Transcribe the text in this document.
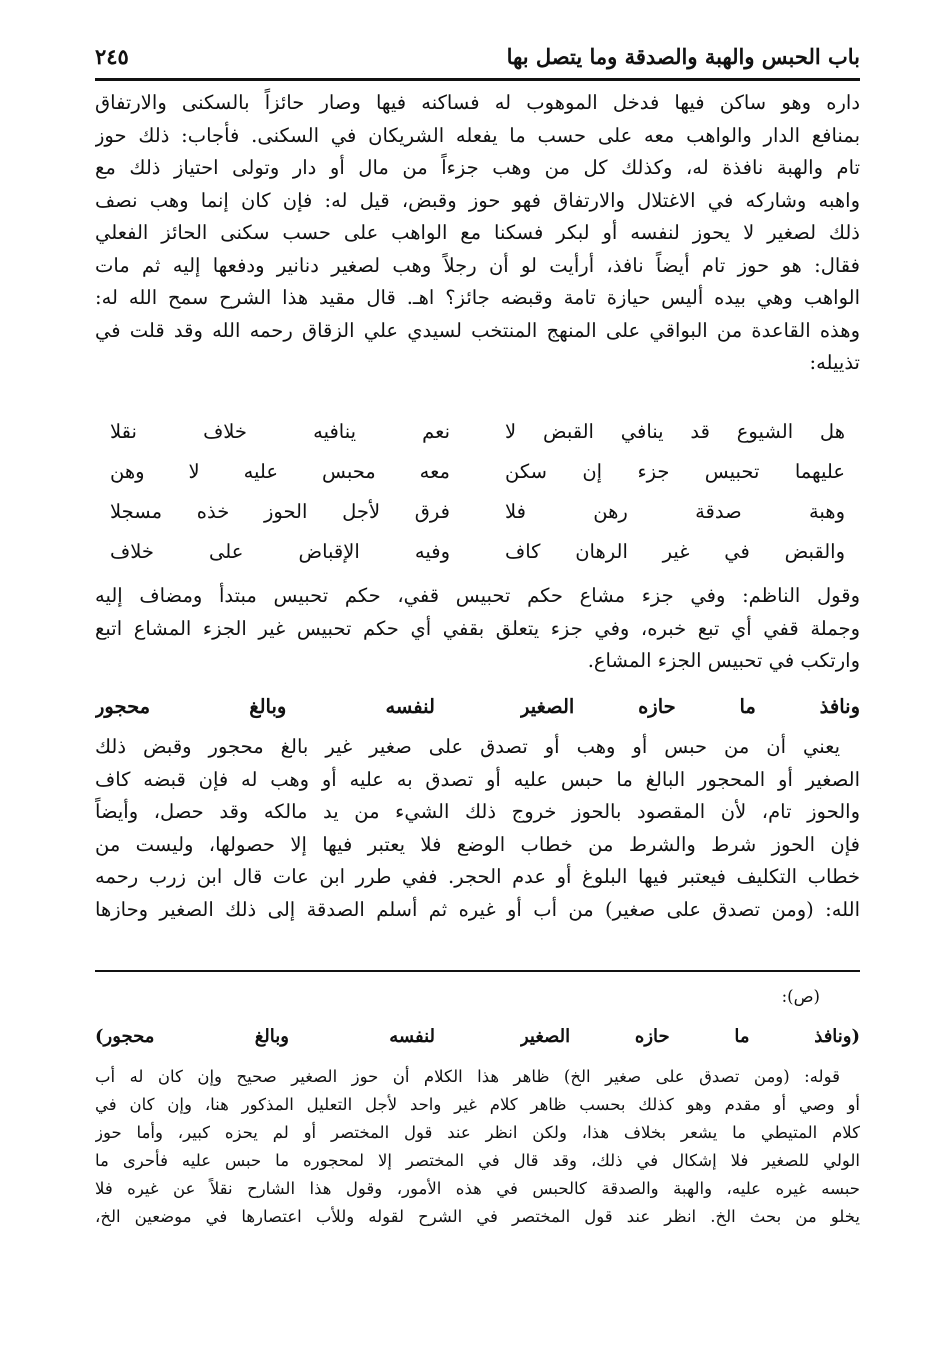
باب الحبس والهبة والصدقة وما يتصل بها
٢٤٥
داره وهو ساكن فيها فدخل الموهوب له فساكنه فيها وصار حائزاً بالسكنى والارتفاق
بمنافع الدار والواهب معه على حسب ما يفعله الشريكان في السكنى. فأجاب: ذلك حوز
تام والهبة نافذة له، وكذلك كل من وهب جزءاً من مال أو دار وتولى احتياز ذلك مع
واهبه وشاركه في الاغتلال والارتفاق فهو حوز وقبض، قيل له: فإن كان إنما وهب نصف
ذلك لصغير لا يحوز لنفسه أو لبكر فسكنا مع الواهب على حسب سكنى الحائز الفعلي
فقال: هو حوز تام أيضاً نافذ، أرأيت لو أن رجلاً وهب لصغير دنانير ودفعها إليه ثم مات
الواهب وهي بيده أليس حيازة تامة وقبضه جائز؟ اهـ. قال مقيد هذا الشرح سمح الله له:
وهذه القاعدة من البواقي على المنهج المنتخب لسيدي علي الزقاق رحمه الله وقد قلت في
تذييله:
هل الشيوع قد ينافي القبض لا
نعم ينافيه خلاف نقلا
عليهما تحبيس جزء إن سكن
معه محبس عليه لا وهن
وهبة صدقة رهن فلا
فرق لأجل الحوز خذه مسجلا
والقبض في غير الرهان كاف
وفيه الإقباض على خلاف
وقول الناظم: وفي جزء مشاع حكم تحبيس قفي، حكم تحبيس مبتدأ ومضاف إليه
وجملة قفي أي تبع خبره، وفي جزء يتعلق بقفي أي حكم تحبيس غير الجزء المشاع اتبع
وارتكب في تحبيس الجزء المشاع.
ونافذ ما حازه الصغير
لنفسه وبالغ محجور
يعني أن من حبس أو وهب أو تصدق على صغير غير بالغ محجور وقبض ذلك
الصغير أو المحجور البالغ ما حبس عليه أو تصدق به عليه أو وهب له فإن قبضه كاف
والحوز تام، لأن المقصود بالحوز خروج ذلك الشيء من يد مالكه وقد حصل، وأيضاً
فإن الحوز شرط والشرط من خطاب الوضع فلا يعتبر فيها إلا حصولها، وليست من
خطاب التكليف فيعتبر فيها البلوغ أو عدم الحجر. ففي طرر ابن عات قال ابن زرب رحمه
الله: (ومن تصدق على صغير) من أب أو غيره ثم أسلم الصدقة إلى ذلك الصغير وحازها
(ص):
(ونافذ ما حازه الصغير
لنفسه وبالغ محجور)
قوله: (ومن تصدق على صغير الخ) ظاهر هذا الكلام أن حوز الصغير صحيح وإن كان له أب
أو وصي أو مقدم وهو كذلك بحسب ظاهر كلام غير واحد لأجل التعليل المذكور هنا، وإن كان في
كلام المتيطي ما يشعر بخلاف هذا، ولكن انظر عند قول المختصر أو لم يحزه كبير، وأما حوز
الولي للصغير فلا إشكال في ذلك، وقد قال في المختصر إلا لمحجوره ما حبس عليه فأحرى ما
حبسه غيره عليه، والهبة والصدقة كالحبس في هذه الأمور، وقول هذا الشارح نقلاً عن غيره فلا
يخلو من بحث الخ. انظر عند قول المختصر في الشرح لقوله وللأب اعتصارها في موضعين الخ،
